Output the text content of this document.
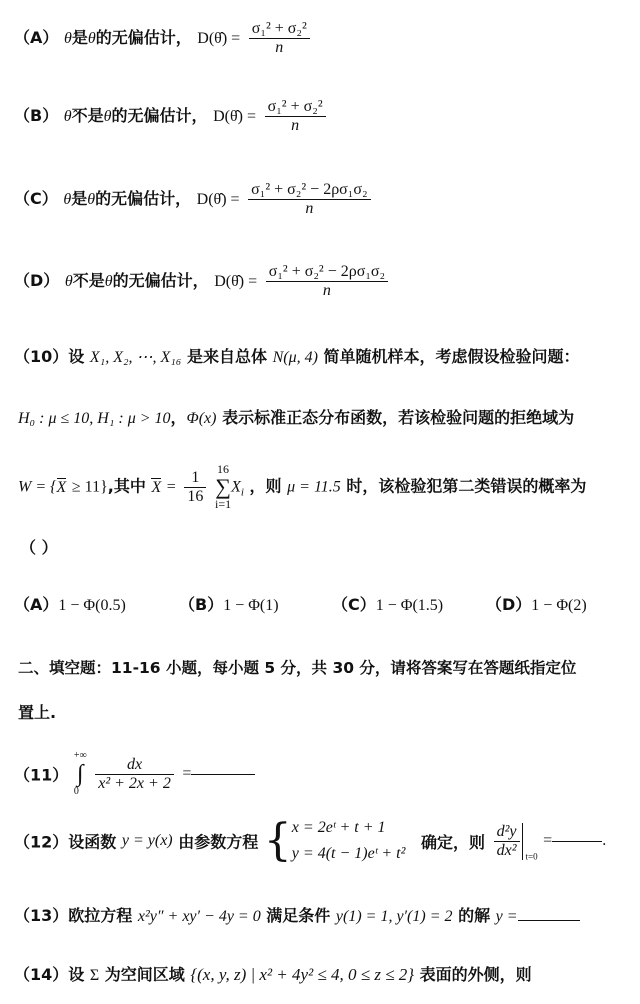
（A） θ̂是θ的无偏估计， D(θ̂) = $\frac{\text{σ₁² + σ₂²}}{n}$
（B） θ̂不是θ的无偏估计， D(θ̂) = $\frac{\text{σ₁² + σ₂²}}{n}$
（C） θ̂是θ的无偏估计， D(θ̂) = $\frac{\text{σ₁² + σ₂² − 2ρσ₁σ₂}}{n}$
（D） θ̂不是θ的无偏估计， D(θ̂) = $\frac{\text{σ₁² + σ₂² − 2ρσ₁σ₂}}{n}$
（10）设 X₁, X₂, ⋯, X₁₆ 是来自总体 N(μ, 4) 简单随机样本，考虑假设检验问题：
H₀ : μ ≤ 10, H₁ : μ > 10，Φ(x) 表示标准正态分布函数，若该检验问题的拒绝域为
W = {X ≥ 11},其中 $X = \frac{1}{16}$
16
∑
i=1
$X_i$ ，则 μ = 11.5 时，该检验犯第二类错误的概率为
（ ）
（A）1 − Φ(0.5)	（B）1 − Φ(1)	（C）1 − Φ(1.5)	（D）1 − Φ(2)
二、填空题：11-16 小题，每小题 5 分，共 30 分，请将答案写在答题纸指定位
置上.
（11）
+∞
∫
0
	$\frac{dx}{\text{x² + 2x + 2}}$ =
（12）设函数 y = y(x) 由参数方程 { x = 2eᵗ + t + 1
y = 4(t − 1)eᵗ + t²
确定，则 $\frac{\text{d²y}}{\text{dx²}} _{t=0}$ =	.
（13）欧拉方程 x²y″ + xy′ − 4y = 0 满足条件 y(1) = 1, y′(1) = 2 的解 y =
（14）设 Σ 为空间区域 {(x, y, z) | x² + 4y² ≤ 4, 0 ≤ z ≤ 2} 表面的外侧，则
